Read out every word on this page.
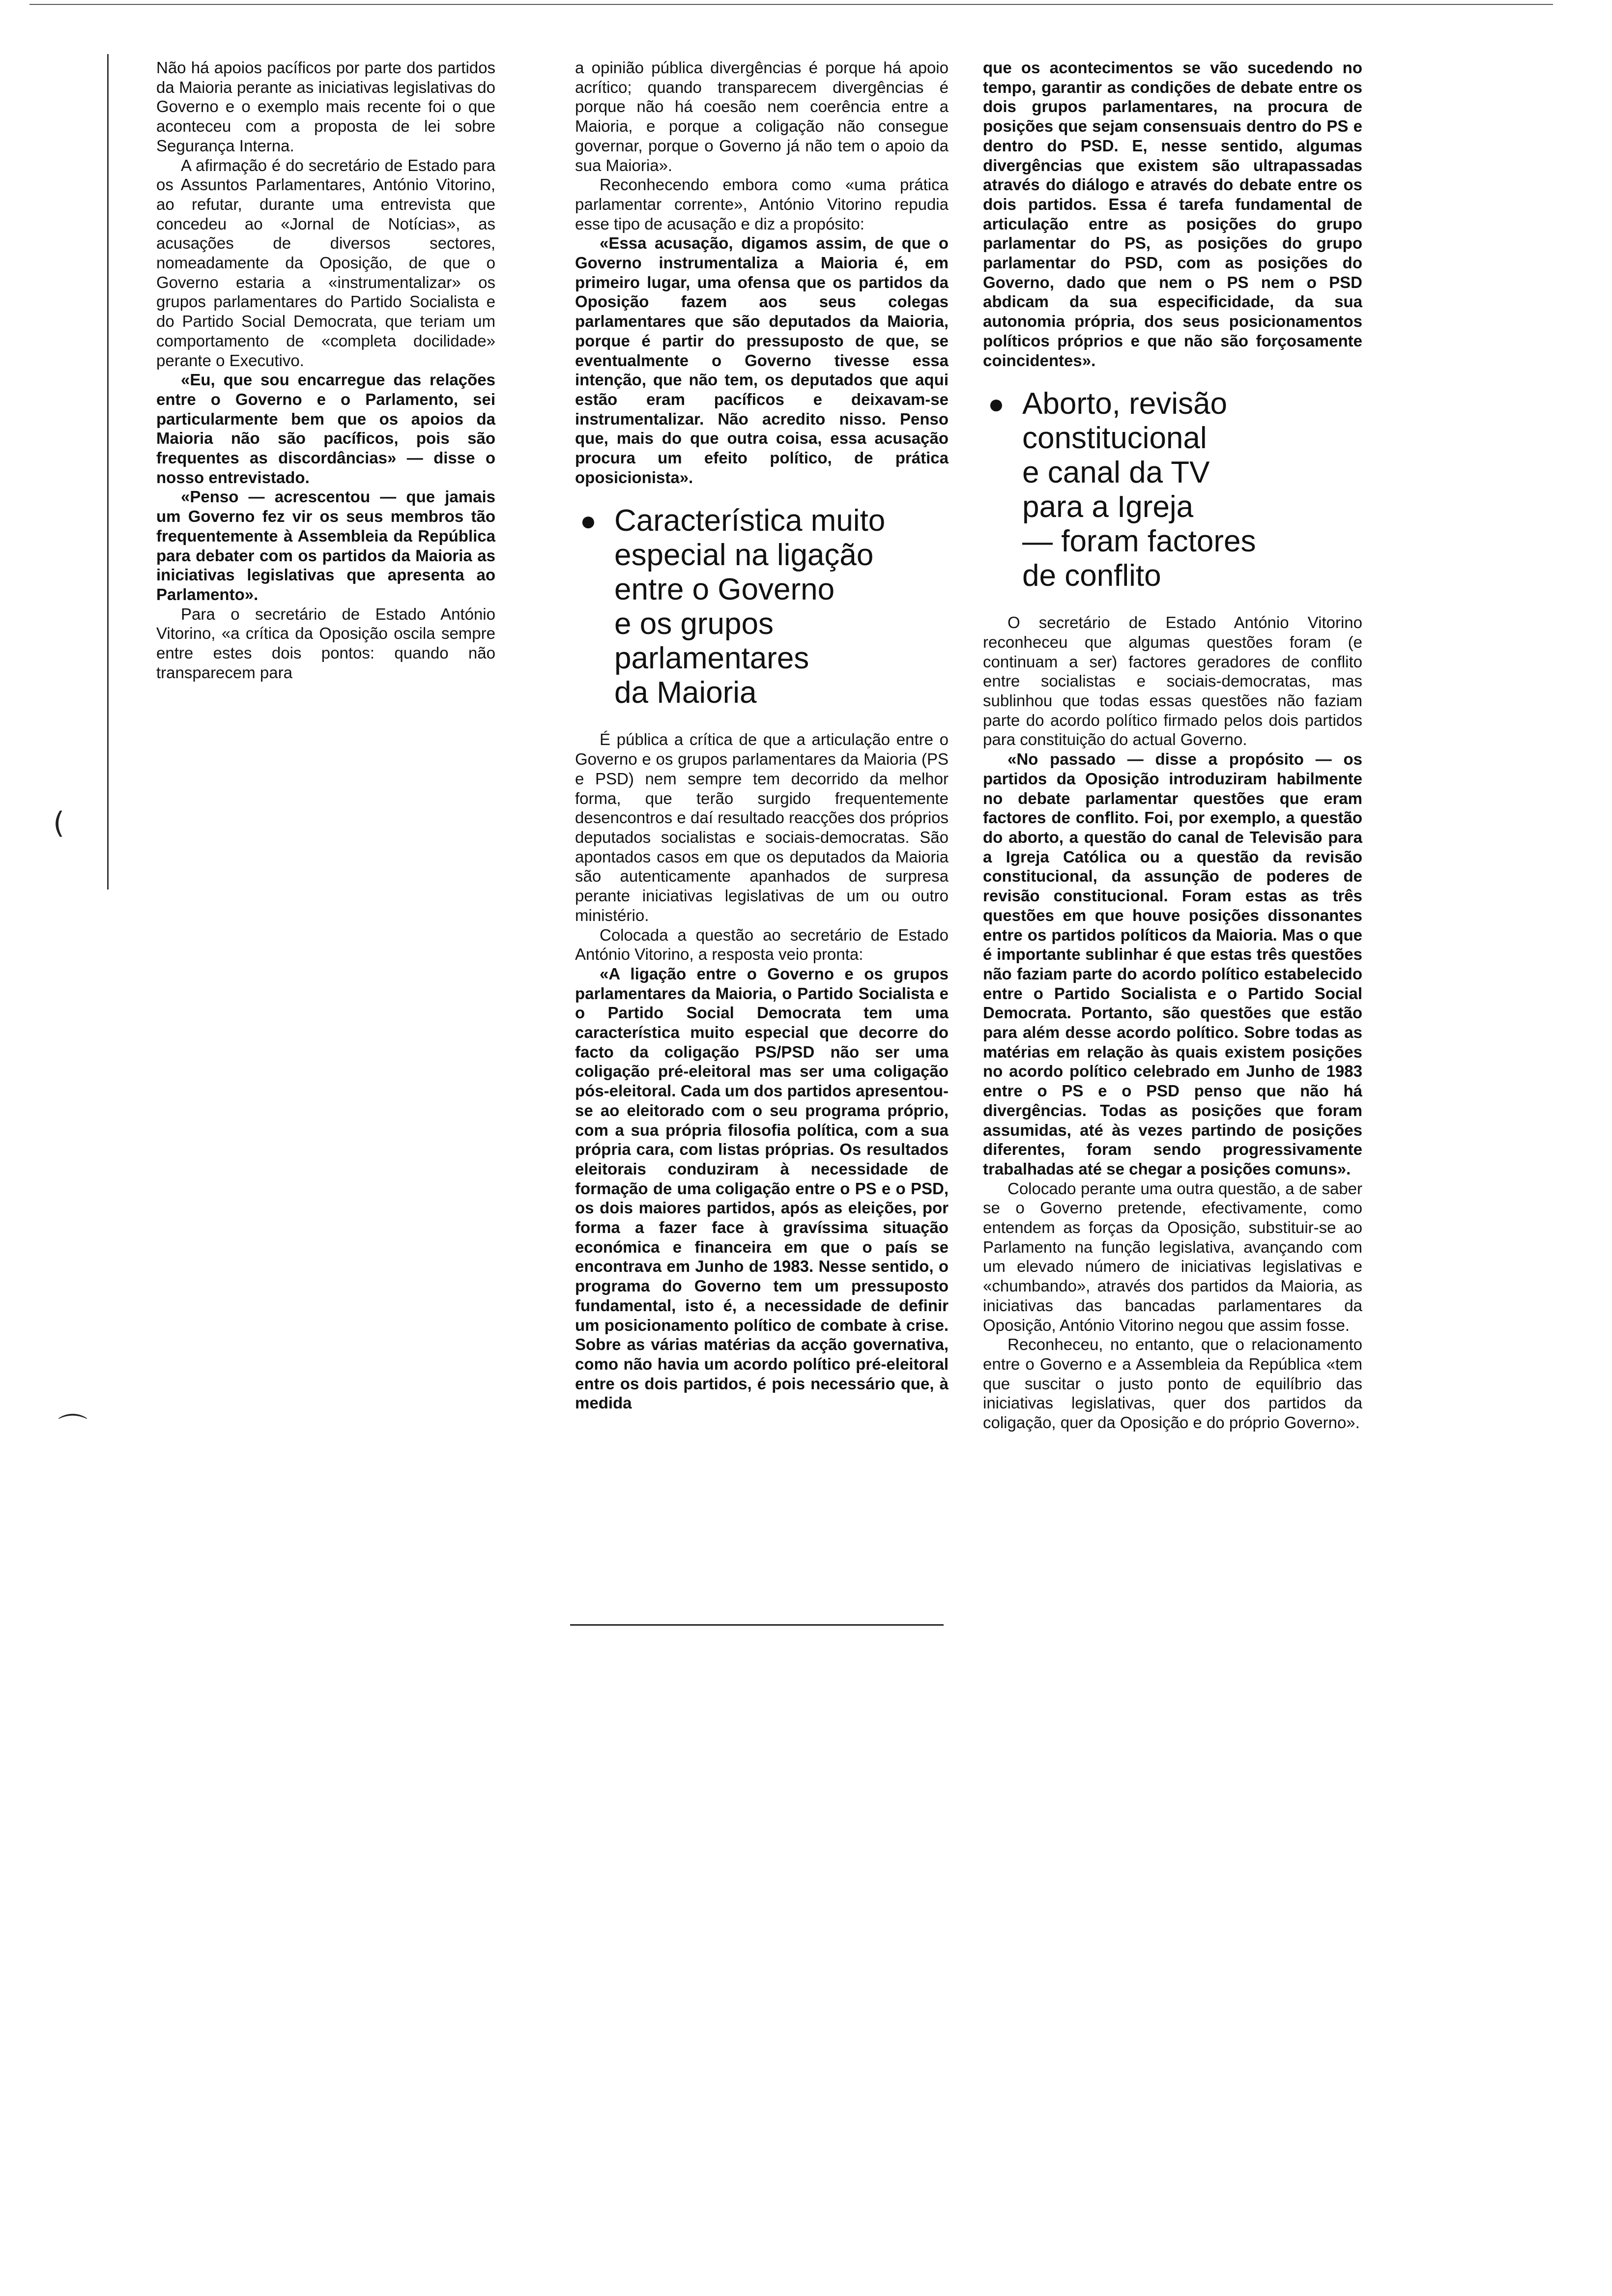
(
⌒

Não há apoios pacíficos por parte dos partidos da Maioria perante as iniciativas legislativas do Governo e o exemplo mais recente foi o que aconteceu com a proposta de lei sobre Segurança Interna.

A afirmação é do secretário de Estado para os Assuntos Parlamentares, António Vitorino, ao refutar, durante uma entrevista que concedeu ao «Jornal de Notícias», as acusações de diversos sectores, nomeadamente da Oposição, de que o Governo estaria a «instrumentalizar» os grupos parlamentares do Partido Socialista e do Partido Social Democrata, que teriam um comportamento de «completa docilidade» perante o Executivo.

«Eu, que sou encarregue das relações entre o Governo e o Parlamento, sei particularmente bem que os apoios da Maioria não são pacíficos, pois são frequentes as discordâncias» — disse o nosso entrevistado.

«Penso — acrescentou — que jamais um Governo fez vir os seus membros tão frequentemente à Assembleia da República para debater com os partidos da Maioria as iniciativas legislativas que apresenta ao Parlamento».

Para o secretário de Estado António Vitorino, «a crítica da Oposição oscila sempre entre estes dois pontos: quando não transparecem para

a opinião pública divergências é porque há apoio acrítico; quando transparecem divergências é porque não há coesão nem coerência entre a Maioria, e porque a coligação não consegue governar, porque o Governo já não tem o apoio da sua Maioria».

Reconhecendo embora como «uma prática parlamentar corrente», António Vitorino repudia esse tipo de acusação e diz a propósito:

«Essa acusação, digamos assim, de que o Governo instrumentaliza a Maioria é, em primeiro lugar, uma ofensa que os partidos da Oposição fazem aos seus colegas parlamentares que são deputados da Maioria, porque é partir do pressuposto de que, se eventualmente o Governo tivesse essa intenção, que não tem, os deputados que aqui estão eram pacíficos e deixavam-se instrumentalizar. Não acredito nisso. Penso que, mais do que outra coisa, essa acusação procura um efeito político, de prática oposicionista».

● Característica muito
especial na ligação
entre o Governo
e os grupos
parlamentares
da Maioria

É pública a crítica de que a articulação entre o Governo e os grupos parlamentares da Maioria (PS e PSD) nem sempre tem decorrido da melhor forma, que terão surgido frequentemente desencontros e daí resultado reacções dos próprios deputados socialistas e sociais-democratas. São apontados casos em que os deputados da Maioria são autenticamente apanhados de surpresa perante iniciativas legislativas de um ou outro ministério.

Colocada a questão ao secretário de Estado António Vitorino, a resposta veio pronta:

«A ligação entre o Governo e os grupos parlamentares da Maioria, o Partido Socialista e o Partido Social Democrata tem uma característica muito especial que decorre do facto da coligação PS/PSD não ser uma coligação pré-eleitoral mas ser uma coligação pós-eleitoral. Cada um dos partidos apresentou-se ao eleitorado com o seu programa próprio, com a sua própria filosofia política, com a sua própria cara, com listas próprias. Os resultados eleitorais conduziram à necessidade de formação de uma coligação entre o PS e o PSD, os dois maiores partidos, após as eleições, por forma a fazer face à gravíssima situação económica e financeira em que o país se encontrava em Junho de 1983. Nesse sentido, o programa do Governo tem um pressuposto fundamental, isto é, a necessidade de definir um posicionamento político de combate à crise. Sobre as várias matérias da acção governativa, como não havia um acordo político pré-eleitoral entre os dois partidos, é pois necessário que, à medida

que os acontecimentos se vão sucedendo no tempo, garantir as condições de debate entre os dois grupos parlamentares, na procura de posições que sejam consensuais dentro do PS e dentro do PSD. E, nesse sentido, algumas divergências que existem são ultrapassadas através do diálogo e através do debate entre os dois partidos. Essa é tarefa fundamental de articulação entre as posições do grupo parlamentar do PS, as posições do grupo parlamentar do PSD, com as posições do Governo, dado que nem o PS nem o PSD abdicam da sua especificidade, da sua autonomia própria, dos seus posicionamentos políticos próprios e que não são forçosamente coincidentes».

● Aborto, revisão
constitucional
e canal da TV
para a Igreja
— foram factores
de conflito

O secretário de Estado António Vitorino reconheceu que algumas questões foram (e continuam a ser) factores geradores de conflito entre socialistas e sociais-democratas, mas sublinhou que todas essas questões não faziam parte do acordo político firmado pelos dois partidos para constituição do actual Governo.

«No passado — disse a propósito — os partidos da Oposição introduziram habilmente no debate parlamentar questões que eram factores de conflito. Foi, por exemplo, a questão do aborto, a questão do canal de Televisão para a Igreja Católica ou a questão da revisão constitucional, da assunção de poderes de revisão constitucional. Foram estas as três questões em que houve posições dissonantes entre os partidos políticos da Maioria. Mas o que é importante sublinhar é que estas três questões não faziam parte do acordo político estabelecido entre o Partido Socialista e o Partido Social Democrata. Portanto, são questões que estão para além desse acordo político. Sobre todas as matérias em relação às quais existem posições no acordo político celebrado em Junho de 1983 entre o PS e o PSD penso que não há divergências. Todas as posições que foram assumidas, até às vezes partindo de posições diferentes, foram sendo progressivamente trabalhadas até se chegar a posições comuns».

Colocado perante uma outra questão, a de saber se o Governo pretende, efectivamente, como entendem as forças da Oposição, substituir-se ao Parlamento na função legislativa, avançando com um elevado número de iniciativas legislativas e «chumbando», através dos partidos da Maioria, as iniciativas das bancadas parlamentares da Oposição, António Vitorino negou que assim fosse.

Reconheceu, no entanto, que o relacionamento entre o Governo e a Assembleia da República «tem que suscitar o justo ponto de equilíbrio das iniciativas legislativas, quer dos partidos da coligação, quer da Oposição e do próprio Governo».
